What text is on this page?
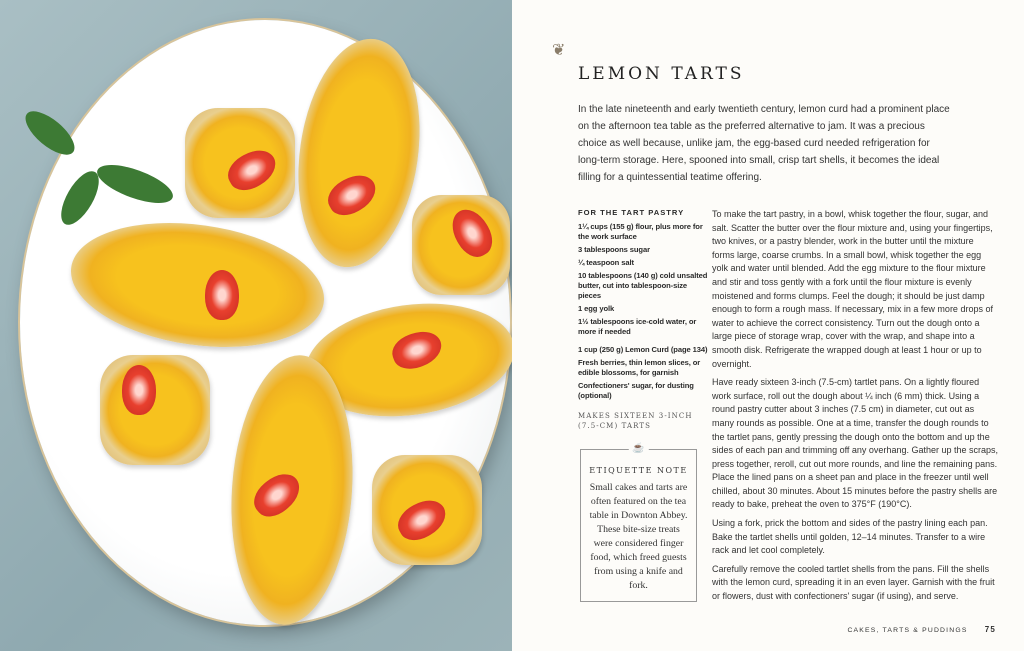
❦
LEMON TARTS

In the late nineteenth and early twentieth century, lemon curd had a prominent place on the afternoon tea table as the preferred alternative to jam. It was a precious choice as well because, unlike jam, the egg-based curd needed refrigeration for long-term storage. Here, spooned into small, crisp tart shells, it becomes the ideal filling for a quintessential teatime offering.

FOR THE TART PASTRY

1¼ cups (155 g) flour, plus more for the work surface

3 tablespoons sugar

¼ teaspoon salt

10 tablespoons (140 g) cold unsalted butter, cut into tablespoon-size pieces

1 egg yolk

1½ tablespoons ice-cold water, or more if needed

1 cup (250 g) Lemon Curd (page 134)

Fresh berries, thin lemon slices, or edible blossoms, for garnish

Confectioners' sugar, for dusting (optional)

MAKES SIXTEEN 3-INCH (7.5-CM) TARTS
☕
ETIQUETTE NOTE

Small cakes and tarts are often featured on the tea table in Downton Abbey. These bite-size treats were considered finger food, which freed guests from using a knife and fork.

To make the tart pastry, in a bowl, whisk together the flour, sugar, and salt. Scatter the butter over the flour mixture and, using your fingertips, two knives, or a pastry blender, work in the butter until the mixture forms large, coarse crumbs. In a small bowl, whisk together the egg yolk and water until blended. Add the egg mixture to the flour mixture and stir and toss gently with a fork until the flour mixture is evenly moistened and forms clumps. Feel the dough; it should be just damp enough to form a rough mass. If necessary, mix in a few more drops of water to achieve the correct consistency. Turn out the dough onto a large piece of storage wrap, cover with the wrap, and shape into a smooth disk. Refrigerate the wrapped dough at least 1 hour or up to overnight.

Have ready sixteen 3-inch (7.5-cm) tartlet pans. On a lightly floured work surface, roll out the dough about ¼ inch (6 mm) thick. Using a round pastry cutter about 3 inches (7.5 cm) in diameter, cut out as many rounds as possible. One at a time, transfer the dough rounds to the tartlet pans, gently pressing the dough onto the bottom and up the sides of each pan and trimming off any overhang. Gather up the scraps, press together, reroll, cut out more rounds, and line the remaining pans. Place the lined pans on a sheet pan and place in the freezer until well chilled, about 30 minutes. About 15 minutes before the pastry shells are ready to bake, preheat the oven to 375°F (190°C).

Using a fork, prick the bottom and sides of the pastry lining each pan. Bake the tartlet shells until golden, 12–14 minutes. Transfer to a wire rack and let cool completely.

Carefully remove the cooled tartlet shells from the pans. Fill the shells with the lemon curd, spreading it in an even layer. Garnish with the fruit or flowers, dust with confectioners' sugar (if using), and serve.

CAKES, TARTS & PUDDINGS 75
